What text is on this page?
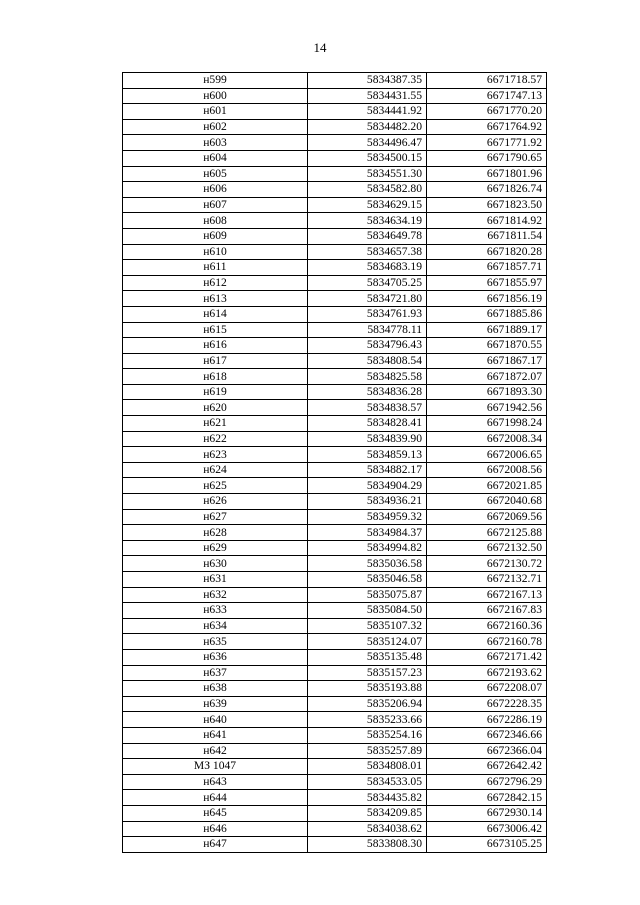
14
н599	5834387.35	6671718.57
н600	5834431.55	6671747.13
н601	5834441.92	6671770.20
н602	5834482.20	6671764.92
н603	5834496.47	6671771.92
н604	5834500.15	6671790.65
н605	5834551.30	6671801.96
н606	5834582.80	6671826.74
н607	5834629.15	6671823.50
н608	5834634.19	6671814.92
н609	5834649.78	6671811.54
н610	5834657.38	6671820.28
н611	5834683.19	6671857.71
н612	5834705.25	6671855.97
н613	5834721.80	6671856.19
н614	5834761.93	6671885.86
н615	5834778.11	6671889.17
н616	5834796.43	6671870.55
н617	5834808.54	6671867.17
н618	5834825.58	6671872.07
н619	5834836.28	6671893.30
н620	5834838.57	6671942.56
н621	5834828.41	6671998.24
н622	5834839.90	6672008.34
н623	5834859.13	6672006.65
н624	5834882.17	6672008.56
н625	5834904.29	6672021.85
н626	5834936.21	6672040.68
н627	5834959.32	6672069.56
н628	5834984.37	6672125.88
н629	5834994.82	6672132.50
н630	5835036.58	6672130.72
н631	5835046.58	6672132.71
н632	5835075.87	6672167.13
н633	5835084.50	6672167.83
н634	5835107.32	6672160.36
н635	5835124.07	6672160.78
н636	5835135.48	6672171.42
н637	5835157.23	6672193.62
н638	5835193.88	6672208.07
н639	5835206.94	6672228.35
н640	5835233.66	6672286.19
н641	5835254.16	6672346.66
н642	5835257.89	6672366.04
МЗ 1047	5834808.01	6672642.42
н643	5834533.05	6672796.29
н644	5834435.82	6672842.15
н645	5834209.85	6672930.14
н646	5834038.62	6673006.42
н647	5833808.30	6673105.25
